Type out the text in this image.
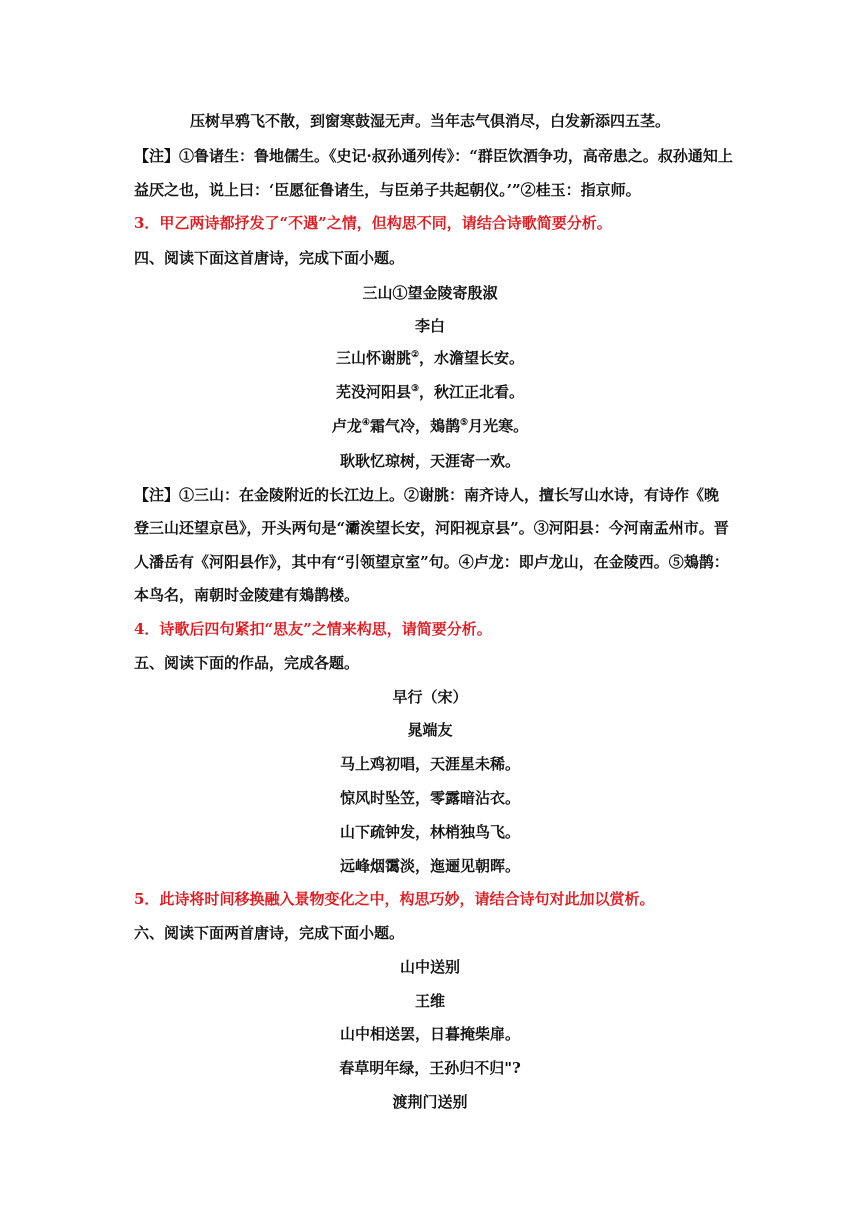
压树早鸦飞不散，到窗寒鼓湿无声。当年志气俱消尽，白发新添四五茎。
【注】①鲁诸生：鲁地儒生。《史记·叔孙通列传》：“群臣饮酒争功，高帝患之。叔孙通知上
益厌之也，说上曰：‘臣愿征鲁诸生，与臣弟子共起朝仪。’”②桂玉：指京师。
3．甲乙两诗都抒发了“不遇”之情，但构思不同，请结合诗歌简要分析。
四、阅读下面这首唐诗，完成下面小题。
三山①望金陵寄殷淑
李白
三山怀谢朓②，水澹望长安。
芜没河阳县③，秋江正北看。
卢龙④霜气冷，鳷鹊⑤月光寒。
耿耿忆琼树，天涯寄一欢。
【注】①三山：在金陵附近的长江边上。②谢朓：南齐诗人，擅长写山水诗，有诗作《晚
登三山还望京邑》，开头两句是“灞涘望长安，河阳视京县”。③河阳县：今河南孟州市。晋
人潘岳有《河阳县作》，其中有“引领望京室”句。④卢龙：即卢龙山，在金陵西。⑤鳷鹊：
本鸟名，南朝时金陵建有鳷鹊楼。
4．诗歌后四句紧扣“思友”之情来构思，请简要分析。
五、阅读下面的作品，完成各题。
早行（宋）
晁端友
马上鸡初唱，天涯星未稀。
惊风时坠笠，零露暗沾衣。
山下疏钟发，林梢独鸟飞。
远峰烟霭淡，迤逦见朝晖。
5．此诗将时间移换融入景物变化之中，构思巧妙，请结合诗句对此加以赏析。
六、阅读下面两首唐诗，完成下面小题。
山中送别
王维
山中相送罢，日暮掩柴扉。
春草明年绿，王孙归不归"?
渡荆门送别
